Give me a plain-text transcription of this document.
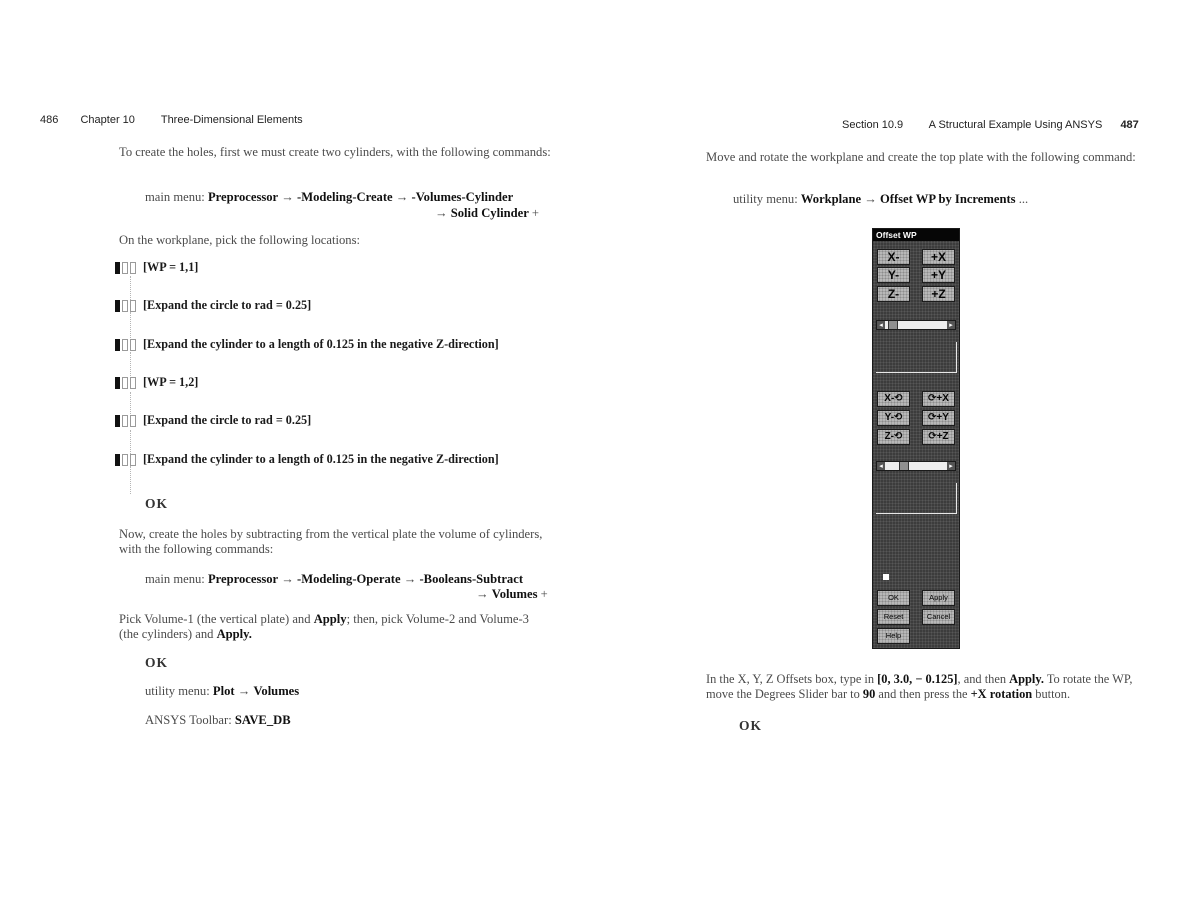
486 Chapter 10 Three-Dimensional Elements
To create the holes, first we must create two cylinders, with the following commands:
main menu: Preprocessor → -Modeling-Create → -Volumes-Cylinder
→ Solid Cylinder +
On the workplane, pick the following locations:
[WP = 1,1]
[Expand the circle to rad = 0.25]
[Expand the cylinder to a length of 0.125 in the negative Z-direction]
[WP = 1,2]
[Expand the circle to rad = 0.25]
[Expand the cylinder to a length of 0.125 in the negative Z-direction]
OK
Now, create the holes by subtracting from the vertical plate the volume of cylinders, with the following commands:
main menu: Preprocessor → -Modeling-Operate → -Booleans-Subtract
→ Volumes +
Pick Volume-1 (the vertical plate) and Apply; then, pick Volume-2 and Volume-3 (the cylinders) and Apply.
OK
utility menu: Plot → Volumes
ANSYS Toolbar: SAVE_DB
Section 10.9 A Structural Example Using ANSYS 487
Move and rotate the workplane and create the top plate with the following command:
utility menu: Workplane → Offset WP by Increments ...
Offset WP
X-	+X
Y-	+Y
Z-	+Z
◂	▸
X-⟲	⟳+X
Y-⟲	⟳+Y
Z-⟲	⟳+Z
◂	▸
OK	Apply
Reset	Cancel
Help
In the X, Y, Z Offsets box, type in [0, 3.0, − 0.125], and then Apply. To rotate the WP, move the Degrees Slider bar to 90 and then press the +X rotation button.
OK
